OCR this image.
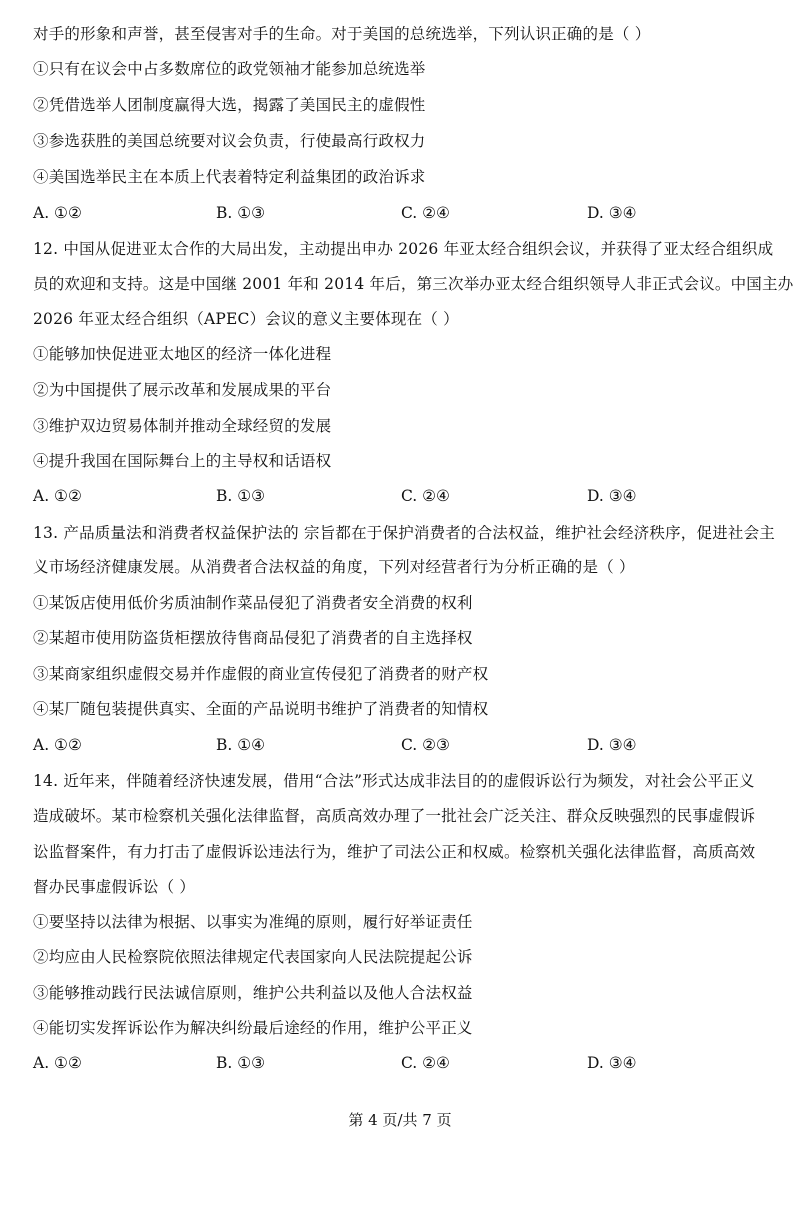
对手的形象和声誉，甚至侵害对手的生命。对于美国的总统选举，下列认识正确的是（ ）
①只有在议会中占多数席位的政党领袖才能参加总统选举
②凭借选举人团制度赢得大选，揭露了美国民主的虚假性
③参选获胜的美国总统要对议会负责，行使最高行政权力
④美国选举民主在本质上代表着特定利益集团的政治诉求
A. ①②	B. ①③	C. ②④	D. ③④
12. 中国从促进亚太合作的大局出发，主动提出申办 2026 年亚太经合组织会议，并获得了亚太经合组织成
员的欢迎和支持。这是中国继 2001 年和 2014 年后，第三次举办亚太经合组织领导人非正式会议。中国主办
2026 年亚太经合组织（APEC）会议的意义主要体现在（ ）
①能够加快促进亚太地区的经济一体化进程
②为中国提供了展示改革和发展成果的平台
③维护双边贸易体制并推动全球经贸的发展
④提升我国在国际舞台上的主导权和话语权
A. ①②	B. ①③	C. ②④	D. ③④
13. 产品质量法和消费者权益保护法的 宗旨都在于保护消费者的合法权益，维护社会经济秩序，促进社会主
义市场经济健康发展。从消费者合法权益的角度，下列对经营者行为分析正确的是（ ）
①某饭店使用低价劣质油制作菜品侵犯了消费者安全消费的权利
②某超市使用防盗货柜摆放待售商品侵犯了消费者的自主选择权
③某商家组织虚假交易并作虚假的商业宣传侵犯了消费者的财产权
④某厂随包装提供真实、全面的产品说明书维护了消费者的知情权
A. ①②	B. ①④	C. ②③	D. ③④
14. 近年来，伴随着经济快速发展，借用“合法”形式达成非法目的的虚假诉讼行为频发，对社会公平正义
造成破坏。某市检察机关强化法律监督，高质高效办理了一批社会广泛关注、群众反映强烈的民事虚假诉
讼监督案件，有力打击了虚假诉讼违法行为，维护了司法公正和权威。检察机关强化法律监督，高质高效
督办民事虚假诉讼（ ）
①要坚持以法律为根据、以事实为准绳的原则，履行好举证责任
②均应由人民检察院依照法律规定代表国家向人民法院提起公诉
③能够推动践行民法诚信原则，维护公共利益以及他人合法权益
④能切实发挥诉讼作为解决纠纷最后途经的作用，维护公平正义
A. ①②	B. ①③	C. ②④	D. ③④
第 4 页/共 7 页
